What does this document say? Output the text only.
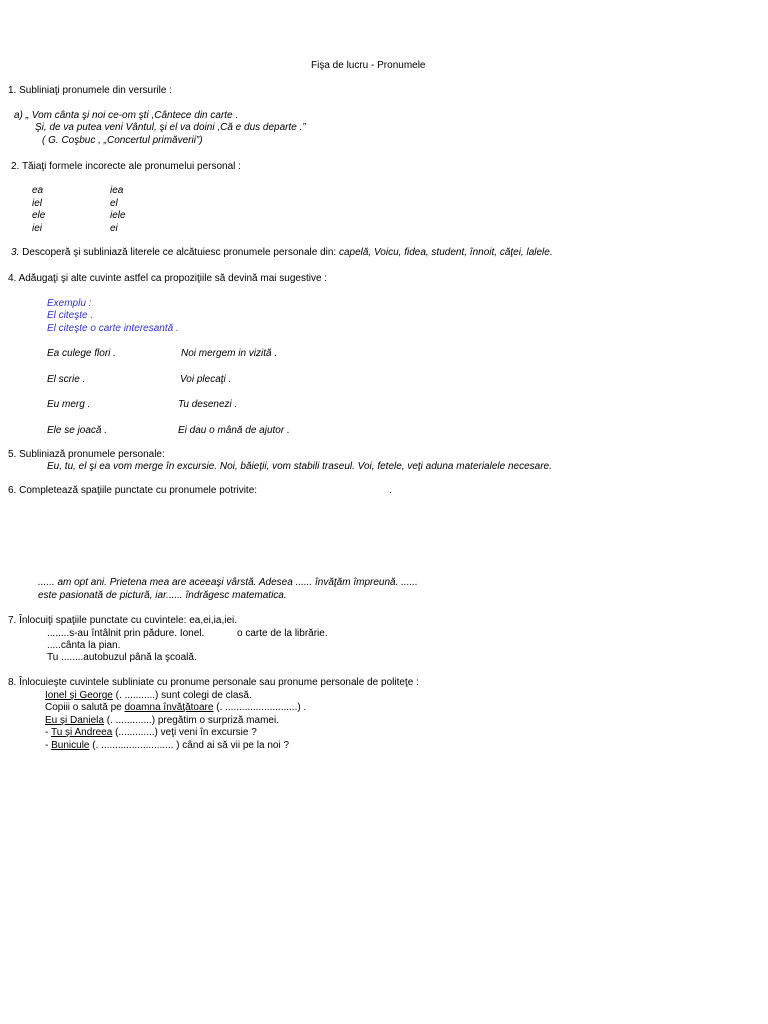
Fişa de lucru - Pronumele
1. Subliniaţi pronumele din versurile :
a) „ Vom cânta şi noi ce-om şti ,Cântece din carte .
Şi, de va putea veni Vântul, şi el va doini ,Că e dus departe .”
( G. Coşbuc , „Concertul primăverii”)
2. Tăiaţi formele incorecte ale pronumelui personal :
ea	iea
iel	el
ele	iele
iei	ei
3. Descoperă şi subliniază literele ce alcătuiesc pronumele personale din: capelă, Voicu, fidea, student, înnoit, căţei, lalele.
4. Adăugaţi şi alte cuvinte astfel ca propoziţiile să devină mai sugestive :
Exemplu :
El citeşte .
El citeşte o carte interesantă .
Ea culege flori .	Noi mergem in vizită .
El scrie .	Voi plecaţi .
Eu merg .	Tu desenezi .
Ele se joacă .	Ei dau o mână de ajutor .
5. Subliniază pronumele personale:
Eu, tu, el şi ea vom merge în excursie. Noi, băieţii, vom stabili traseul. Voi, fetele, veţi aduna materialele necesare.
6. Completează spaţiile punctate cu pronumele potrivite:	.
...... am opt ani. Prietena mea are aceeaşi vârstă. Adesea ...... învăţăm împreună. ......
este pasionată de pictură, iar...... îndrăgesc matematica.
7. Înlocuiţi spaţiile punctate cu cuvintele: ea,ei,ia,iei.
........s-au întâlnit prin pădure. Ionel.	o carte de la librărie.
.....cânta la pian.
Tu ........autobuzul până la şcoală.
8. Înlocuieşte cuvintele subliniate cu pronume personale sau pronume personale de politeţe :
Ionel şi George (. ...........) sunt colegi de clasă.
Copiii o salută pe doamna învăţătoare (. ..........................) .
Eu şi Daniela (. .............) pregătim o surpriză mamei.
- Tu şi Andreea (.............) veţi veni în excursie ?
- Bunicule (. .......................... ) când ai să vii pe la noi ?
